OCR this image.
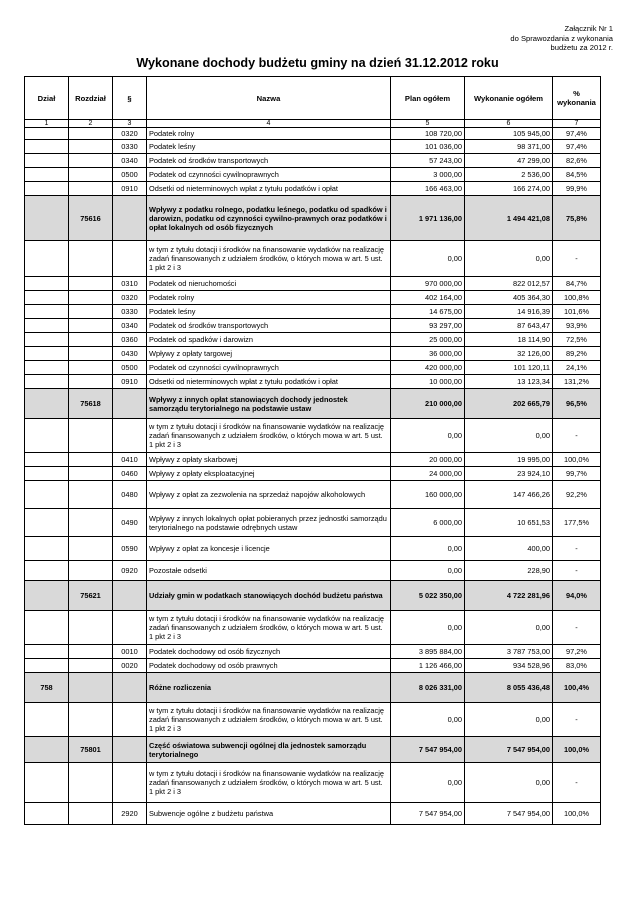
Załącznik Nr 1
do Sprawozdania z wykonania
budżetu za 2012 r.
Wykonane dochody budżetu gminy na dzień 31.12.2012 roku
Dział	Rozdział	§	Nazwa	Plan ogółem	Wykonanie ogółem	%
wykonania
1	2	3	4	5	6	7
		0320	Podatek rolny	108 720,00	105 945,00	97,4%
		0330	Podatek leśny	101 036,00	98 371,00	97,4%
		0340	Podatek od środków transportowych	57 243,00	47 299,00	82,6%
		0500	Podatek od czynności cywilnoprawnych	3 000,00	2 536,00	84,5%
		0910	Odsetki od nieterminowych wpłat z tytułu podatków i opłat	166 463,00	166 274,00	99,9%
	75616		Wpływy z podatku rolnego, podatku leśnego, podatku od spadków i darowizn, podatku od czynności cywilno-prawnych oraz podatków i opłat lokalnych od osób fizycznych	1 971 136,00	1 494 421,08	75,8%
			w tym z tytułu dotacji i środków na finansowanie wydatków na realizację zadań finansowanych z udziałem środków, o których mowa w art. 5 ust. 1 pkt 2 i 3	0,00	0,00	-
		0310	Podatek od nieruchomości	970 000,00	822 012,57	84,7%
		0320	Podatek rolny	402 164,00	405 364,30	100,8%
		0330	Podatek leśny	14 675,00	14 916,39	101,6%
		0340	Podatek od środków transportowych	93 297,00	87 643,47	93,9%
		0360	Podatek od spadków i darowizn	25 000,00	18 114,90	72,5%
		0430	Wpływy z opłaty targowej	36 000,00	32 126,00	89,2%
		0500	Podatek od czynności cywilnoprawnych	420 000,00	101 120,11	24,1%
		0910	Odsetki od nieterminowych wpłat z tytułu podatków i opłat	10 000,00	13 123,34	131,2%
	75618		Wpływy z innych opłat stanowiących dochody jednostek samorządu terytorialnego na podstawie ustaw	210 000,00	202 665,79	96,5%
			w tym z tytułu dotacji i środków na finansowanie wydatków na realizację zadań finansowanych z udziałem środków, o których mowa w art. 5 ust. 1 pkt 2 i 3	0,00	0,00	-
		0410	Wpływy z opłaty skarbowej	20 000,00	19 995,00	100,0%
		0460	Wpływy z opłaty eksploatacyjnej	24 000,00	23 924,10	99,7%
		0480	Wpływy z opłat za zezwolenia na sprzedaż napojów alkoholowych	160 000,00	147 466,26	92,2%
		0490	Wpływy z innych lokalnych opłat pobieranych przez jednostki samorządu terytorialnego na podstawie odrębnych ustaw	6 000,00	10 651,53	177,5%
		0590	Wpływy z opłat za koncesje i licencje	0,00	400,00	-
		0920	Pozostałe odsetki	0,00	228,90	-
	75621		Udziały gmin w podatkach stanowiących dochód budżetu państwa	5 022 350,00	4 722 281,96	94,0%
			w tym z tytułu dotacji i środków na finansowanie wydatków na realizację zadań finansowanych z udziałem środków, o których mowa w art. 5 ust. 1 pkt 2 i 3	0,00	0,00	-
		0010	Podatek dochodowy od osób fizycznych	3 895 884,00	3 787 753,00	97,2%
		0020	Podatek dochodowy od osób prawnych	1 126 466,00	934 528,96	83,0%
758			Różne rozliczenia	8 026 331,00	8 055 436,48	100,4%
			w tym z tytułu dotacji i środków na finansowanie wydatków na realizację zadań finansowanych z udziałem środków, o których mowa w art. 5 ust. 1 pkt 2 i 3	0,00	0,00	-
	75801		Część oświatowa subwencji ogólnej dla jednostek samorządu terytorialnego	7 547 954,00	7 547 954,00	100,0%
			w tym z tytułu dotacji i środków na finansowanie wydatków na realizację zadań finansowanych z udziałem środków, o których mowa w art. 5 ust. 1 pkt 2 i 3	0,00	0,00	-
		2920	Subwencje ogólne z budżetu państwa	7 547 954,00	7 547 954,00	100,0%
